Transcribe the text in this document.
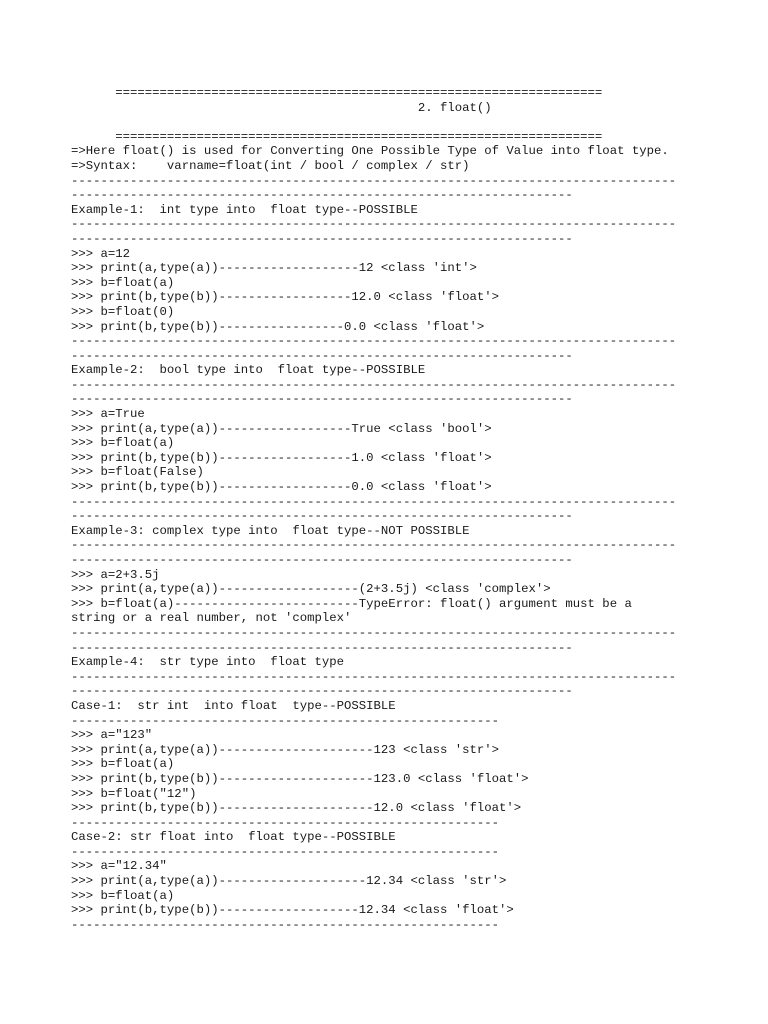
==================================================================
2. float()
==================================================================
=>Here float() is used for Converting One Possible Type of Value into float type.
=>Syntax:    varname=float(int / bool / complex / str)
----------------------------------------------------------------------------------
--------------------------------------------------------------------
Example-1:  int type into  float type--POSSIBLE
----------------------------------------------------------------------------------
--------------------------------------------------------------------
>>> a=12
>>> print(a,type(a))-------------------12 <class 'int'>
>>> b=float(a)
>>> print(b,type(b))------------------12.0 <class 'float'>
>>> b=float(0)
>>> print(b,type(b))-----------------0.0 <class 'float'>
----------------------------------------------------------------------------------
--------------------------------------------------------------------
Example-2:  bool type into  float type--POSSIBLE
----------------------------------------------------------------------------------
--------------------------------------------------------------------
>>> a=True
>>> print(a,type(a))------------------True <class 'bool'>
>>> b=float(a)
>>> print(b,type(b))------------------1.0 <class 'float'>
>>> b=float(False)
>>> print(b,type(b))------------------0.0 <class 'float'>
----------------------------------------------------------------------------------
--------------------------------------------------------------------
Example-3: complex type into  float type--NOT POSSIBLE
----------------------------------------------------------------------------------
--------------------------------------------------------------------
>>> a=2+3.5j
>>> print(a,type(a))-------------------(2+3.5j) <class 'complex'>
>>> b=float(a)-------------------------TypeError: float() argument must be a
string or a real number, not 'complex'
----------------------------------------------------------------------------------
--------------------------------------------------------------------
Example-4:  str type into  float type
----------------------------------------------------------------------------------
--------------------------------------------------------------------
Case-1:  str int  into float  type--POSSIBLE
----------------------------------------------------------
>>> a="123"
>>> print(a,type(a))---------------------123 <class 'str'>
>>> b=float(a)
>>> print(b,type(b))---------------------123.0 <class 'float'>
>>> b=float("12")
>>> print(b,type(b))---------------------12.0 <class 'float'>
----------------------------------------------------------
Case-2: str float into  float type--POSSIBLE
----------------------------------------------------------
>>> a="12.34"
>>> print(a,type(a))--------------------12.34 <class 'str'>
>>> b=float(a)
>>> print(b,type(b))-------------------12.34 <class 'float'>
----------------------------------------------------------
